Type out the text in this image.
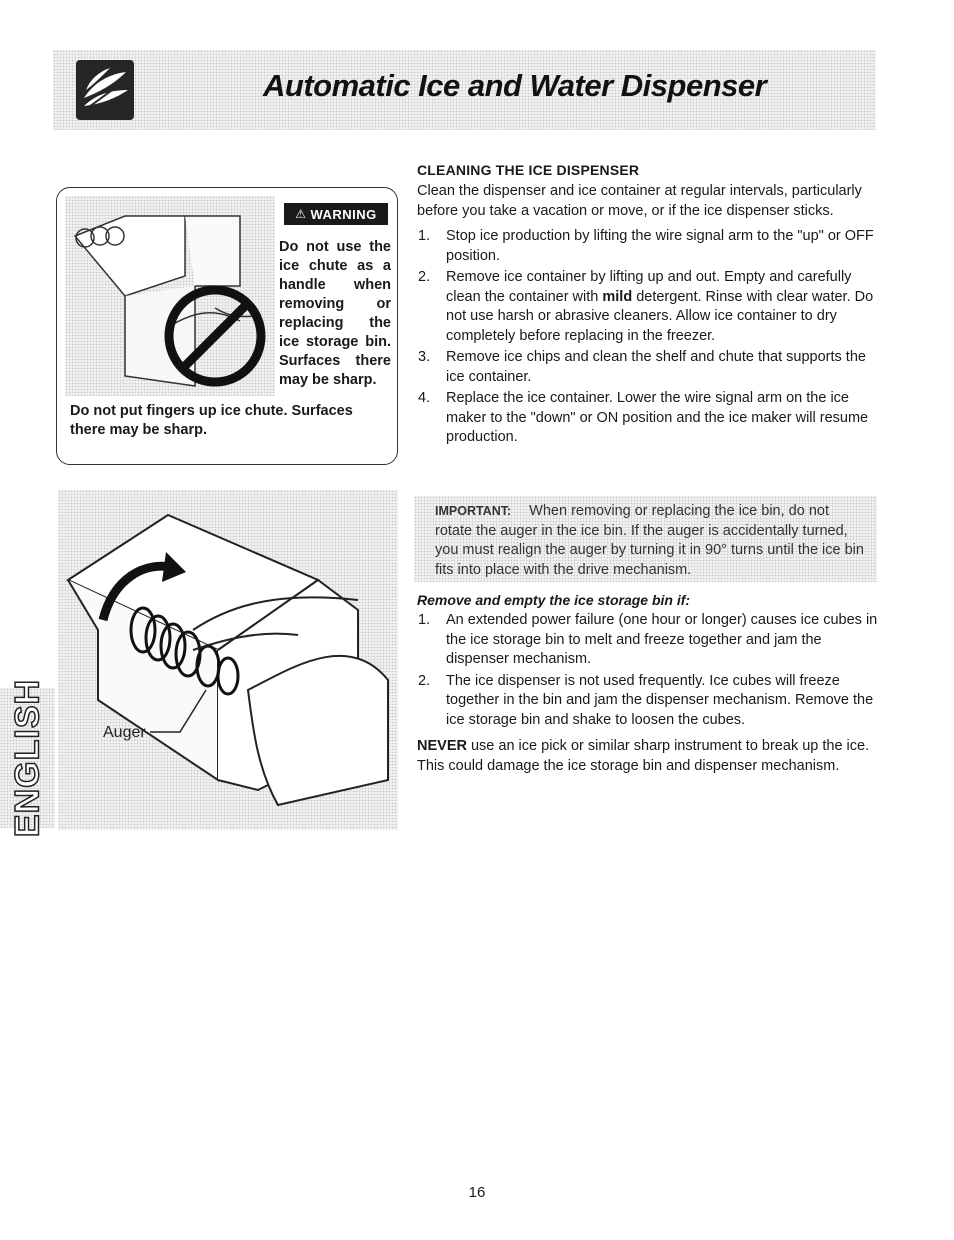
Automatic Ice and Water Dispenser
⚠ WARNING

Do not use the ice chute as a handle when removing or replacing the ice storage bin. Surfaces there may be sharp.

Do not put fingers up ice chute. Surfaces there may be sharp.

CLEANING THE ICE DISPENSER

Clean the dispenser and ice container at regular intervals, particularly before you take a vacation or move, or if the ice dispenser sticks.

1. Stop ice production by lifting the wire signal arm to the "up" or OFF position.
2. Remove ice container by lifting up and out. Empty and carefully clean the container with mild detergent. Rinse with clear water. Do not use harsh or abrasive cleaners. Allow ice container to dry completely before replacing in the freezer.
3. Remove ice chips and clean the shelf and chute that supports the ice container.
4. Replace the ice container. Lower the wire signal arm on the ice maker to the "down" or ON position and the ice maker will resume production.
IMPORTANT: When removing or replacing the ice bin, do not rotate the auger in the ice bin. If the auger is accidentally turned, you must realign the auger by turning it in 90° turns until the ice bin fits into place with the drive mechanism.
Remove and empty the ice storage bin if:
1. An extended power failure (one hour or longer) causes ice cubes in the ice storage bin to melt and freeze together and jam the dispenser mechanism.
2. The ice dispenser is not used frequently. Ice cubes will freeze together in the bin and jam the dispenser mechanism. Remove the ice storage bin and shake to loosen the cubes.

NEVER use an ice pick or similar sharp instrument to break up the ice. This could damage the ice storage bin and dispenser mechanism.

Auger
ENGLISH
16
